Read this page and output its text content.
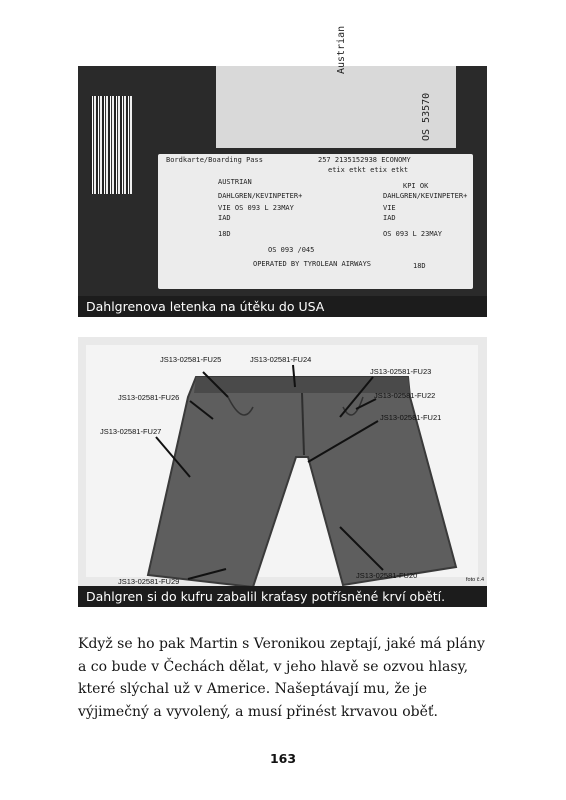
Austrian
OS 53570
Bordkarte/Boarding Pass	257 2135152938 ECONOMY
etix etkt etix etkt
AUSTRIAN
DAHLGREN/KEVINPETER+
VIE OS 093 L 23MAY
IAD
18D
OS 093 /045
OPERATED BY TYROLEAN AIRWAYS
KPI OK
DAHLGREN/KEVINPETER+
VIE
IAD
OS 093 L 23MAY
18D
Dahlgrenova letenka na útěku do USA
JS13-02581-FU25	JS13-02581-FU24
JS13-02581-FU23
JS13-02581-FU26	JS13-02581-FU22
JS13-02581-FU21
JS13-02581-FU27
JS13-02581-FU29
JS13-02581-FU20	foto č.4
Dahlgren si do kufru zabalil kraťasy potřísněné krví obětí.

Když se ho pak Martin s Veronikou zeptají, jaké má plány a co bude v Čechách dělat, v jeho hlavě se ozvou hlasy, které slýchal už v Americe. Našeptávají mu, že je výjimečný a vyvolený, a musí přinést krvavou oběť.

163
